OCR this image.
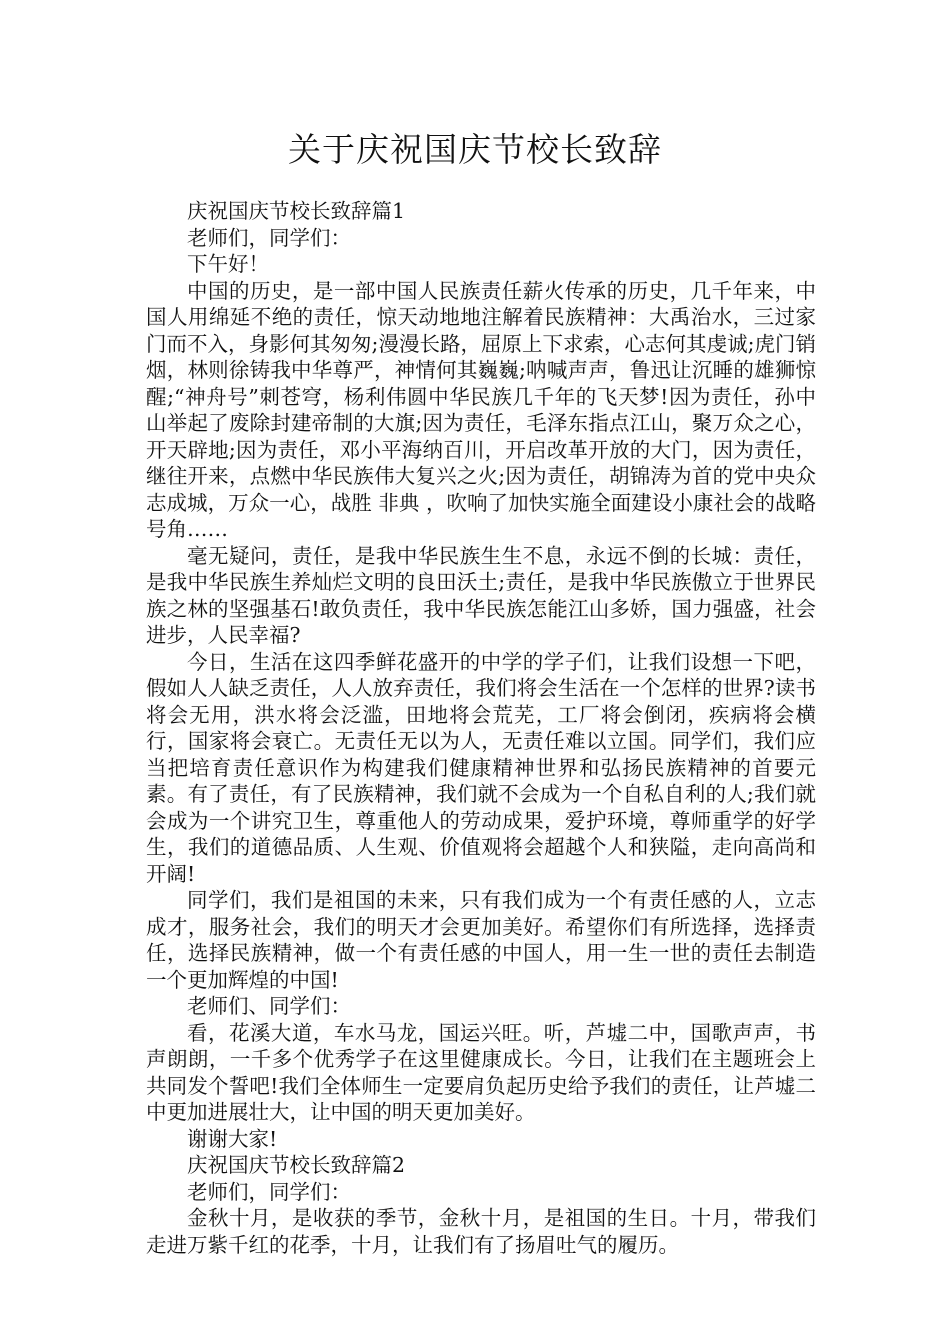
关于庆祝国庆节校长致辞

庆祝国庆节校长致辞篇1

老师们，同学们：

下午好！

中国的历史，是一部中国人民族责任薪火传承的历史，几千年来，中国人用绵延不绝的责任，惊天动地地注解着民族精神：大禹治水，三过家门而不入，身影何其匆匆;漫漫长路，屈原上下求索，心志何其虔诚;虎门销烟，林则徐铸我中华尊严，神情何其巍巍;呐喊声声，鲁迅让沉睡的雄狮惊醒;“神舟号”刺苍穹，杨利伟圆中华民族几千年的飞天梦!因为责任，孙中山举起了废除封建帝制的大旗;因为责任，毛泽东指点江山，聚万众之心，开天辟地;因为责任，邓小平海纳百川，开启改革开放的大门，因为责任，继往开来，点燃中华民族伟大复兴之火;因为责任，胡锦涛为首的党中央众志成城，万众一心，战胜 非典 ，吹响了加快实施全面建设小康社会的战略号角……

毫无疑问，责任，是我中华民族生生不息，永远不倒的长城：责任，是我中华民族生养灿烂文明的良田沃土;责任，是我中华民族傲立于世界民族之林的坚强基石!敢负责任，我中华民族怎能江山多娇，国力强盛，社会进步，人民幸福?

今日，生活在这四季鲜花盛开的中学的学子们，让我们设想一下吧，假如人人缺乏责任，人人放弃责任，我们将会生活在一个怎样的世界?读书将会无用，洪水将会泛滥，田地将会荒芜，工厂将会倒闭，疾病将会横行，国家将会衰亡。无责任无以为人，无责任难以立国。同学们，我们应当把培育责任意识作为构建我们健康精神世界和弘扬民族精神的首要元素。有了责任，有了民族精神，我们就不会成为一个自私自利的人;我们就会成为一个讲究卫生，尊重他人的劳动成果，爱护环境，尊师重学的好学生，我们的道德品质、人生观、价值观将会超越个人和狭隘，走向高尚和开阔!

同学们，我们是祖国的未来，只有我们成为一个有责任感的人，立志成才，服务社会，我们的明天才会更加美好。希望你们有所选择，选择责任，选择民族精神，做一个有责任感的中国人，用一生一世的责任去制造一个更加辉煌的中国!

老师们、同学们：

看，花溪大道，车水马龙，国运兴旺。听，芦墟二中，国歌声声，书声朗朗，一千多个优秀学子在这里健康成长。今日，让我们在主题班会上共同发个誓吧!我们全体师生一定要肩负起历史给予我们的责任，让芦墟二中更加进展壮大，让中国的明天更加美好。

谢谢大家!

庆祝国庆节校长致辞篇2

老师们，同学们：

金秋十月，是收获的季节，金秋十月，是祖国的生日。十月，带我们走进万紫千红的花季，十月，让我们有了扬眉吐气的履历。
